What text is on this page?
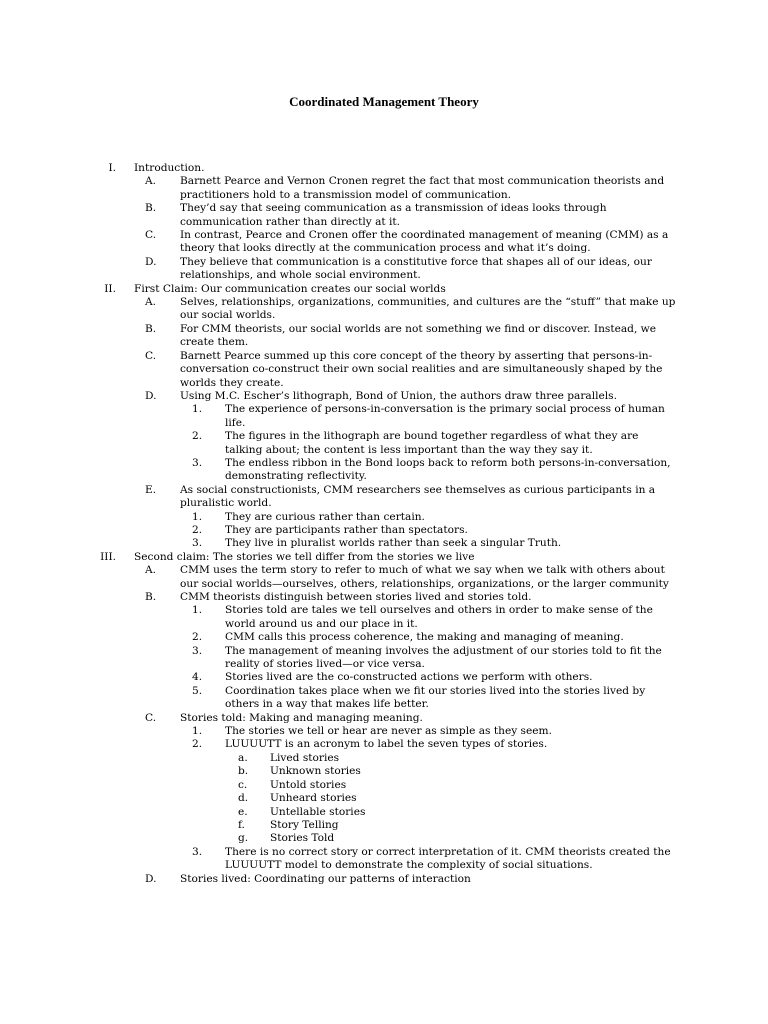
Coordinated Management Theory
I. Introduction.
A. Barnett Pearce and Vernon Cronen regret the fact that most communication theorists and practitioners hold to a transmission model of communication.
B. They’d say that seeing communication as a transmission of ideas looks through communication rather than directly at it.
C. In contrast, Pearce and Cronen offer the coordinated management of meaning (CMM) as a theory that looks directly at the communication process and what it’s doing.
D. They believe that communication is a constitutive force that shapes all of our ideas, our relationships, and whole social environment.
II. First Claim: Our communication creates our social worlds
A. Selves, relationships, organizations, communities, and cultures are the “stuff” that make up our social worlds.
B. For CMM theorists, our social worlds are not something we find or discover. Instead, we create them.
C. Barnett Pearce summed up this core concept of the theory by asserting that persons-in-conversation co-construct their own social realities and are simultaneously shaped by the worlds they create.
D. Using M.C. Escher’s lithograph, Bond of Union, the authors draw three parallels.
1. The experience of persons-in-conversation is the primary social process of human life.
2. The figures in the lithograph are bound together regardless of what they are talking about; the content is less important than the way they say it.
3. The endless ribbon in the Bond loops back to reform both persons-in-conversation, demonstrating reflectivity.
E. As social constructionists, CMM researchers see themselves as curious participants in a pluralistic world.
1. They are curious rather than certain.
2. They are participants rather than spectators.
3. They live in pluralist worlds rather than seek a singular Truth.
III. Second claim: The stories we tell differ from the stories we live
A. CMM uses the term story to refer to much of what we say when we talk with others about our social worlds—ourselves, others, relationships, organizations, or the larger community
B. CMM theorists distinguish between stories lived and stories told.
1. Stories told are tales we tell ourselves and others in order to make sense of the world around us and our place in it.
2. CMM calls this process coherence, the making and managing of meaning.
3. The management of meaning involves the adjustment of our stories told to fit the reality of stories lived—or vice versa.
4. Stories lived are the co-constructed actions we perform with others.
5. Coordination takes place when we fit our stories lived into the stories lived by others in a way that makes life better.
C. Stories told: Making and managing meaning.
1. The stories we tell or hear are never as simple as they seem.
2. LUUUUTT is an acronym to label the seven types of stories.
a. Lived stories
b. Unknown stories
c. Untold stories
d. Unheard stories
e. Untellable stories
f. Story Telling
g. Stories Told
3. There is no correct story or correct interpretation of it. CMM theorists created the LUUUUTT model to demonstrate the complexity of social situations.
D. Stories lived: Coordinating our patterns of interaction
